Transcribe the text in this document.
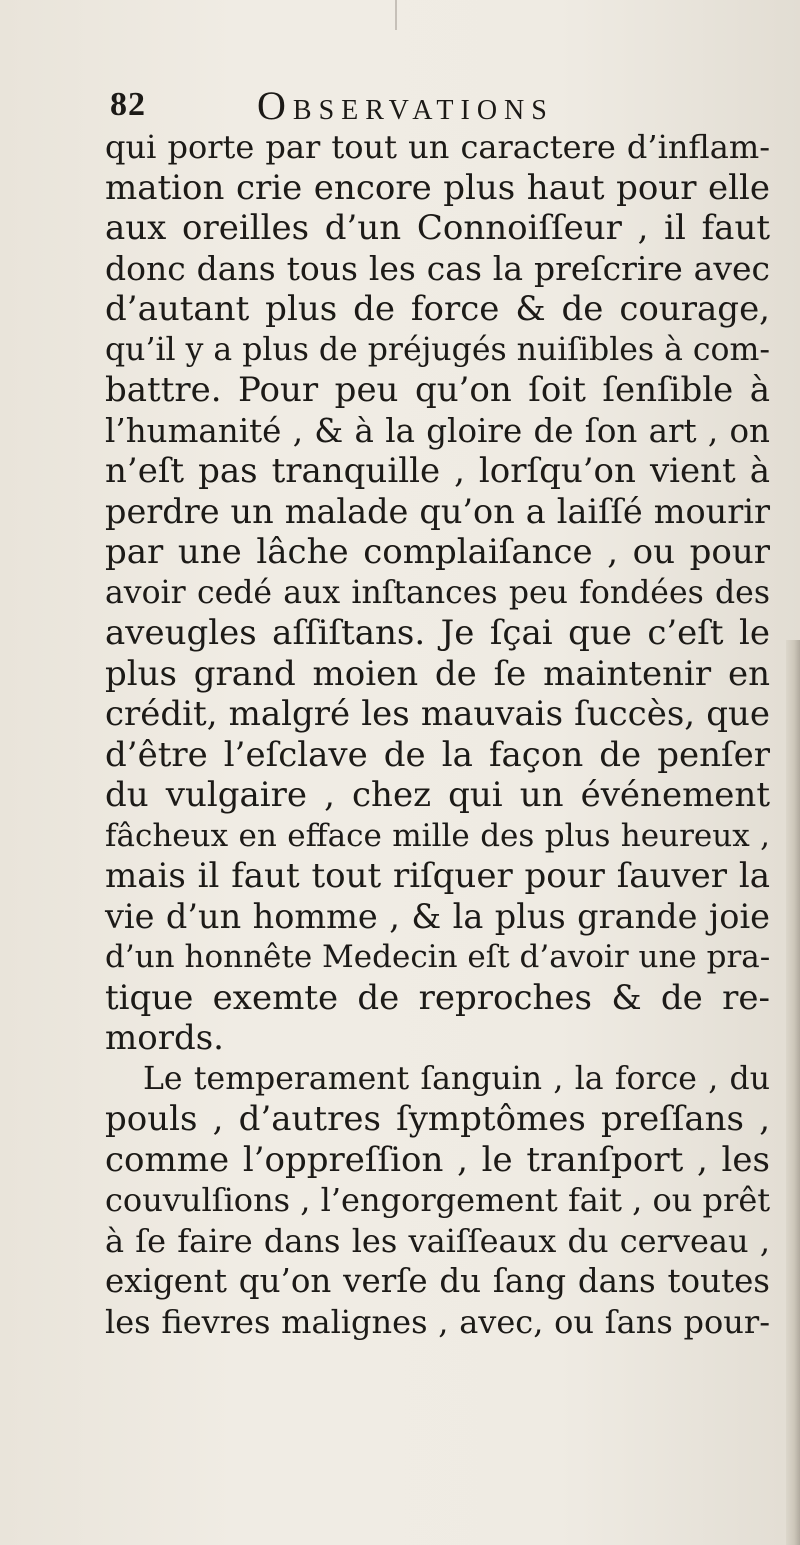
82	Observations
qui porte par tout un caractere d’inflam-
mation crie encore plus haut pour elle
aux oreilles d’un Connoiſſeur , il faut
donc dans tous les cas la preſcrire avec
d’autant plus de force & de courage,
qu’il y a plus de préjugés nuiſibles à com-
battre. Pour peu qu’on ſoit ſenſible à
l’humanité , & à la gloire de ſon art , on
n’eſt pas tranquille , lorſqu’on vient à
perdre un malade qu’on a laiſſé mourir
par une lâche complaiſance , ou pour
avoir cedé aux inſtances peu fondées des
aveugles aſſiſtans. Je ſçai que c’eſt le
plus grand moien de ſe maintenir en
crédit, malgré les mauvais ſuccès, que
d’être l’eſclave de la façon de penſer
du vulgaire , chez qui un événement
fâcheux en efface mille des plus heureux ,
mais il faut tout riſquer pour ſauver la
vie d’un homme , & la plus grande joie
d’un honnête Medecin eſt d’avoir une pra-
tique exemte de reproches & de re-
mords.
Le temperament ſanguin , la force , du
pouls , d’autres ſymptômes preſſans ,
comme l’oppreſſion , le tranſport , les
couvulſions , l’engorgement fait , ou prêt
à ſe faire dans les vaiſſeaux du cerveau ,
exigent qu’on verſe du ſang dans toutes
les fievres malignes , avec, ou ſans pour-
